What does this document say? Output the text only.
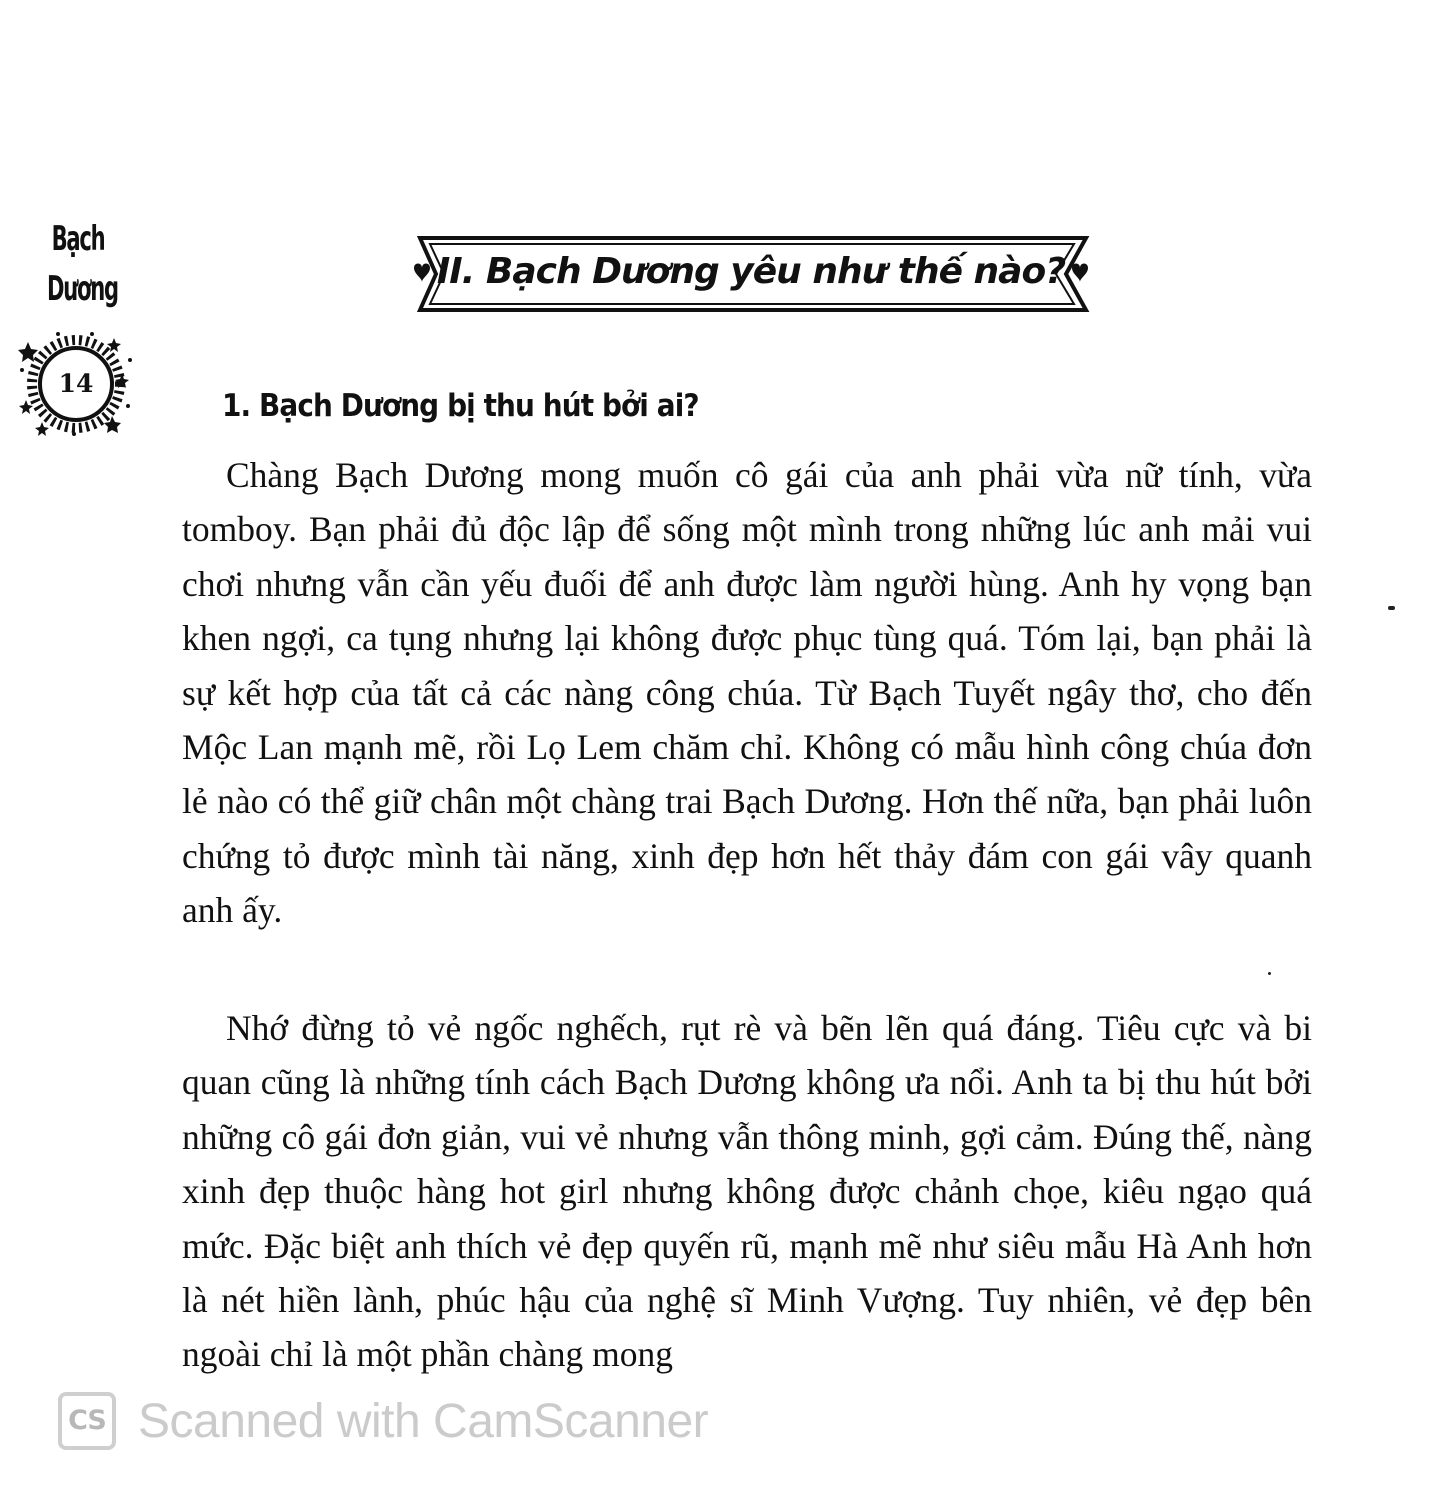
Bạch
Dương
14
II. Bạch Dương yêu như thế nào?
1. Bạch Dương bị thu hút bởi ai?

Chàng Bạch Dương mong muốn cô gái của anh phải vừa nữ tính, vừa tomboy. Bạn phải đủ độc lập để sống một mình trong những lúc anh mải vui chơi nhưng vẫn cần yếu đuối để anh được làm người hùng. Anh hy vọng bạn khen ngợi, ca tụng nhưng lại không được phục tùng quá. Tóm lại, bạn phải là sự kết hợp của tất cả các nàng công chúa. Từ Bạch Tuyết ngây thơ, cho đến Mộc Lan mạnh mẽ, rồi Lọ Lem chăm chỉ. Không có mẫu hình công chúa đơn lẻ nào có thể giữ chân một chàng trai Bạch Dương. Hơn thế nữa, bạn phải luôn chứng tỏ được mình tài năng, xinh đẹp hơn hết thảy đám con gái vây quanh anh ấy.

Nhớ đừng tỏ vẻ ngốc nghếch, rụt rè và bẽn lẽn quá đáng. Tiêu cực và bi quan cũng là những tính cách Bạch Dương không ưa nổi. Anh ta bị thu hút bởi những cô gái đơn giản, vui vẻ nhưng vẫn thông minh, gợi cảm. Đúng thế, nàng xinh đẹp thuộc hàng hot girl nhưng không được chảnh chọe, kiêu ngạo quá mức. Đặc biệt anh thích vẻ đẹp quyến rũ, mạnh mẽ như siêu mẫu Hà Anh hơn là nét hiền lành, phúc hậu của nghệ sĩ Minh Vượng. Tuy nhiên, vẻ đẹp bên ngoài chỉ là một phần chàng mong

CS Scanned with CamScanner
